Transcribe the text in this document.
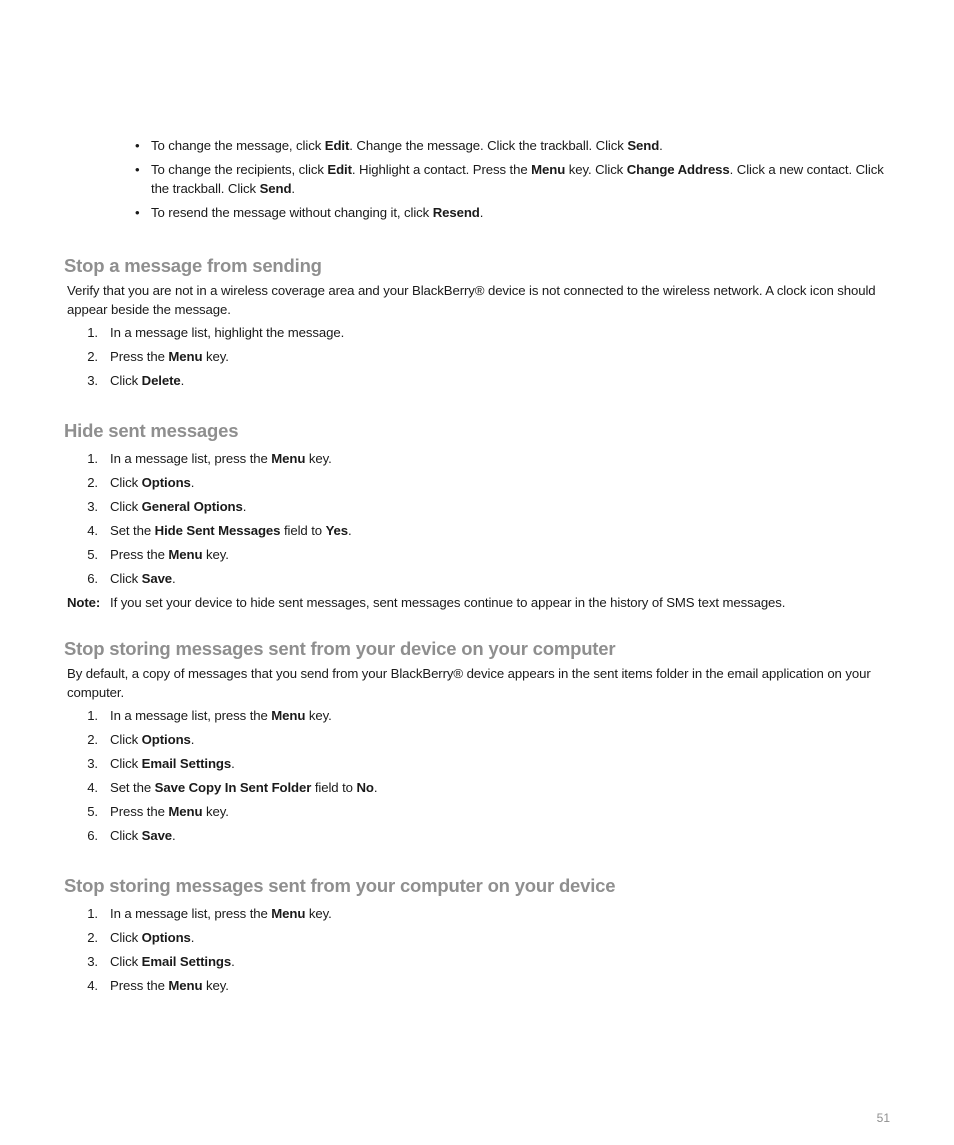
• To change the message, click Edit. Change the message. Click the trackball. Click Send.
• To change the recipients, click Edit. Highlight a contact. Press the Menu key. Click Change Address. Click a new contact. Click the trackball. Click Send.
• To resend the message without changing it, click Resend.
Stop a message from sending

Verify that you are not in a wireless coverage area and your BlackBerry® device is not connected to the wireless network. A clock icon should appear beside the message.

1. In a message list, highlight the message.
2. Press the Menu key.
3. Click Delete.
Hide sent messages
1. In a message list, press the Menu key.
2. Click Options.
3. Click General Options.
4. Set the Hide Sent Messages field to Yes.
5. Press the Menu key.
6. Click Save.

Note: If you set your device to hide sent messages, sent messages continue to appear in the history of SMS text messages.

Stop storing messages sent from your device on your computer

By default, a copy of messages that you send from your BlackBerry® device appears in the sent items folder in the email application on your computer.

1. In a message list, press the Menu key.
2. Click Options.
3. Click Email Settings.
4. Set the Save Copy In Sent Folder field to No.
5. Press the Menu key.
6. Click Save.
Stop storing messages sent from your computer on your device
1. In a message list, press the Menu key.
2. Click Options.
3. Click Email Settings.
4. Press the Menu key.
51
